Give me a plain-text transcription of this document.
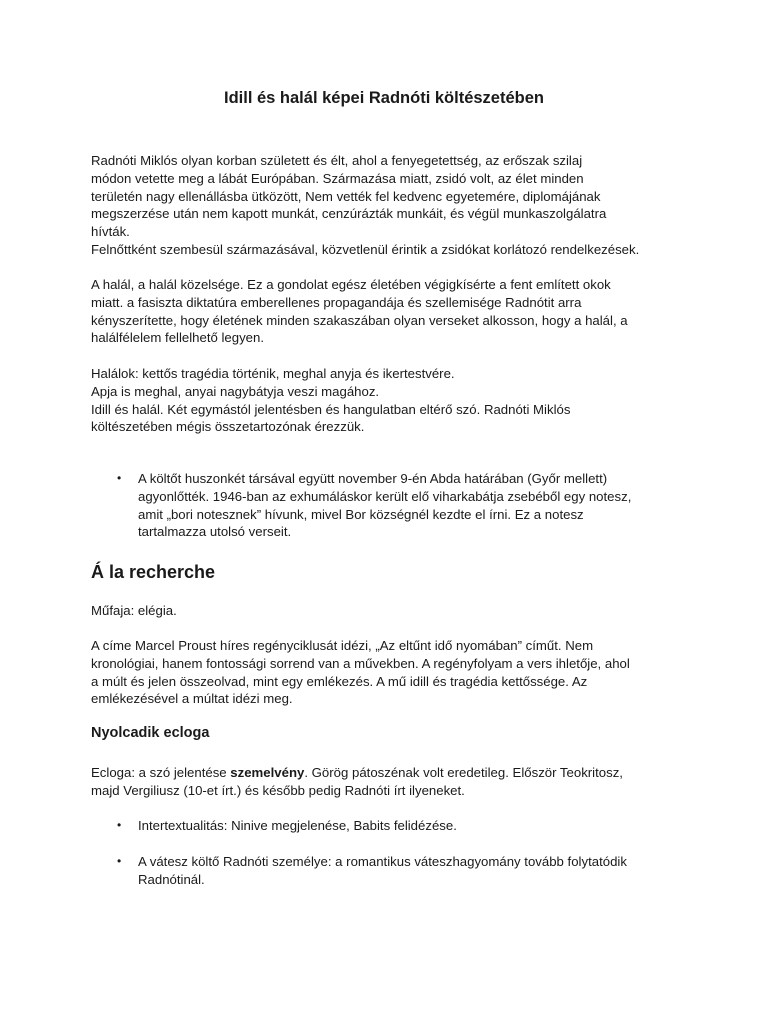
Idill és halál képei Radnóti költészetében

Radnóti Miklós olyan korban született és élt, ahol a fenyegetettség, az erőszak szilaj
módon vetette meg a lábát Európában. Származása miatt, zsidó volt, az élet minden
területén nagy ellenállásba ütközött, Nem vették fel kedvenc egyetemére, diplomájának
megszerzése után nem kapott munkát, cenzúrázták munkáit, és végül munkaszolgálatra
hívták.
Felnőttként szembesül származásával, közvetlenül érintik a zsidókat korlátozó rendelkezések.

A halál, a halál közelsége. Ez a gondolat egész életében végigkísérte a fent említett okok
miatt. a fasiszta diktatúra emberellenes propagandája és szellemisége Radnótit arra
kényszerítette, hogy életének minden szakaszában olyan verseket alkosson, hogy a halál, a
halálfélelem fellelhető legyen.

Halálok: kettős tragédia történik, meghal anyja és ikertestvére.
Apja is meghal, anyai nagybátyja veszi magához.
Idill és halál. Két egymástól jelentésben és hangulatban eltérő szó. Radnóti Miklós
költészetében mégis összetartozónak érezzük.

• A költőt huszonkét társával együtt november 9-én Abda határában (Győr mellett)
agyonlőtték. 1946-ban az exhumáláskor került elő viharkabátja zsebéből egy notesz,
amit „bori notesznek” hívunk, mivel Bor községnél kezdte el írni. Ez a notesz
tartalmazza utolsó verseit.

Á la recherche

Műfaja: elégia.

A címe Marcel Proust híres regényciklusát idézi, „Az eltűnt idő nyomában” címűt. Nem
kronológiai, hanem fontossági sorrend van a művekben. A regényfolyam a vers ihletője, ahol
a múlt és jelen összeolvad, mint egy emlékezés. A mű idill és tragédia kettőssége. Az
emlékezésével a múltat idézi meg.

Nyolcadik ecloga

Ecloga: a szó jelentése szemelvény. Görög pátoszénak volt eredetileg. Először Teokritosz,
majd Vergiliusz (10-et írt.) és később pedig Radnóti írt ilyeneket.

• Intertextualitás: Ninive megjelenése, Babits felidézése.

• A vátesz költő Radnóti személye: a romantikus váteszhagyomány tovább folytatódik
Radnótinál.
